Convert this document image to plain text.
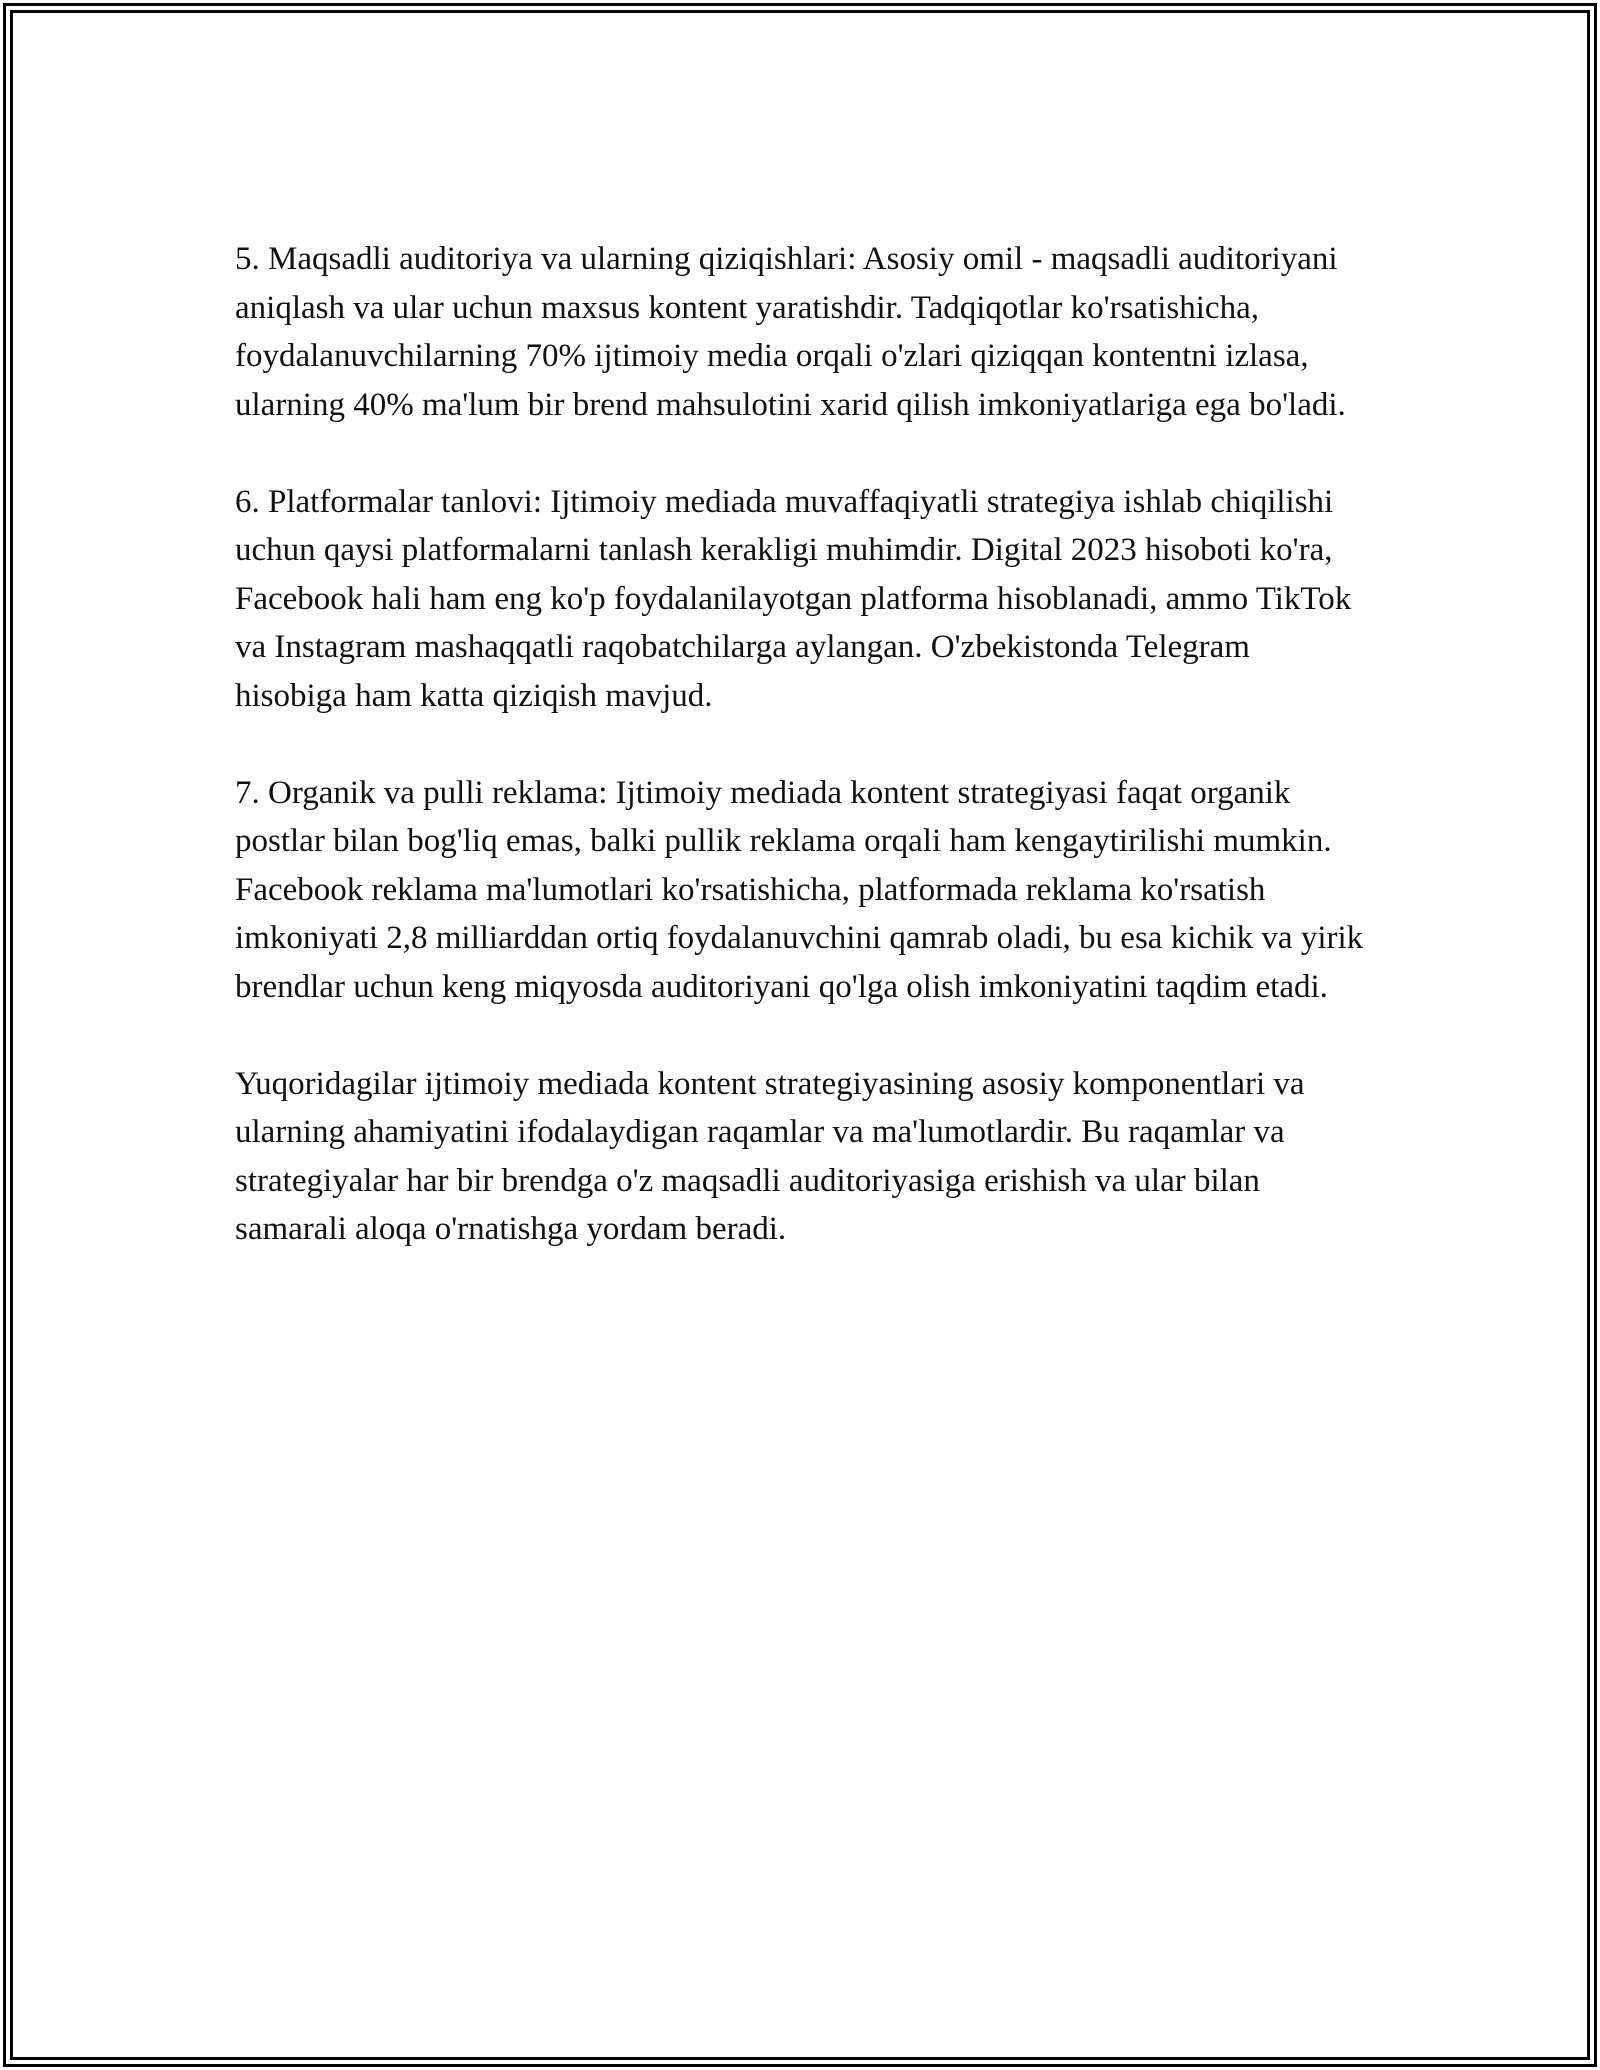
5. Maqsadli auditoriya va ularning qiziqishlari: Asosiy omil - maqsadli auditoriyani aniqlash va ular uchun maxsus kontent yaratishdir. Tadqiqotlar ko'rsatishicha, foydalanuvchilarning 70% ijtimoiy media orqali o'zlari qiziqqan kontentni izlasa, ularning 40% ma'lum bir brend mahsulotini xarid qilish imkoniyatlariga ega bo'ladi.

6. Platformalar tanlovi: Ijtimoiy mediada muvaffaqiyatli strategiya ishlab chiqilishi uchun qaysi platformalarni tanlash kerakligi muhimdir. Digital 2023 hisoboti ko'ra, Facebook hali ham eng ko'p foydalanilayotgan platforma hisoblanadi, ammo TikTok va Instagram mashaqqatli raqobatchilarga aylangan. O'zbekistonda Telegram hisobiga ham katta qiziqish mavjud.

7. Organik va pulli reklama: Ijtimoiy mediada kontent strategiyasi faqat organik postlar bilan bog'liq emas, balki pullik reklama orqali ham kengaytirilishi mumkin. Facebook reklama ma'lumotlari ko'rsatishicha, platformada reklama ko'rsatish imkoniyati 2,8 milliarddan ortiq foydalanuvchini qamrab oladi, bu esa kichik va yirik brendlar uchun keng miqyosda auditoriyani qo'lga olish imkoniyatini taqdim etadi.

Yuqoridagilar ijtimoiy mediada kontent strategiyasining asosiy komponentlari va ularning ahamiyatini ifodalaydigan raqamlar va ma'lumotlardir. Bu raqamlar va strategiyalar har bir brendga o'z maqsadli auditoriyasiga erishish va ular bilan samarali aloqa o'rnatishga yordam beradi.
